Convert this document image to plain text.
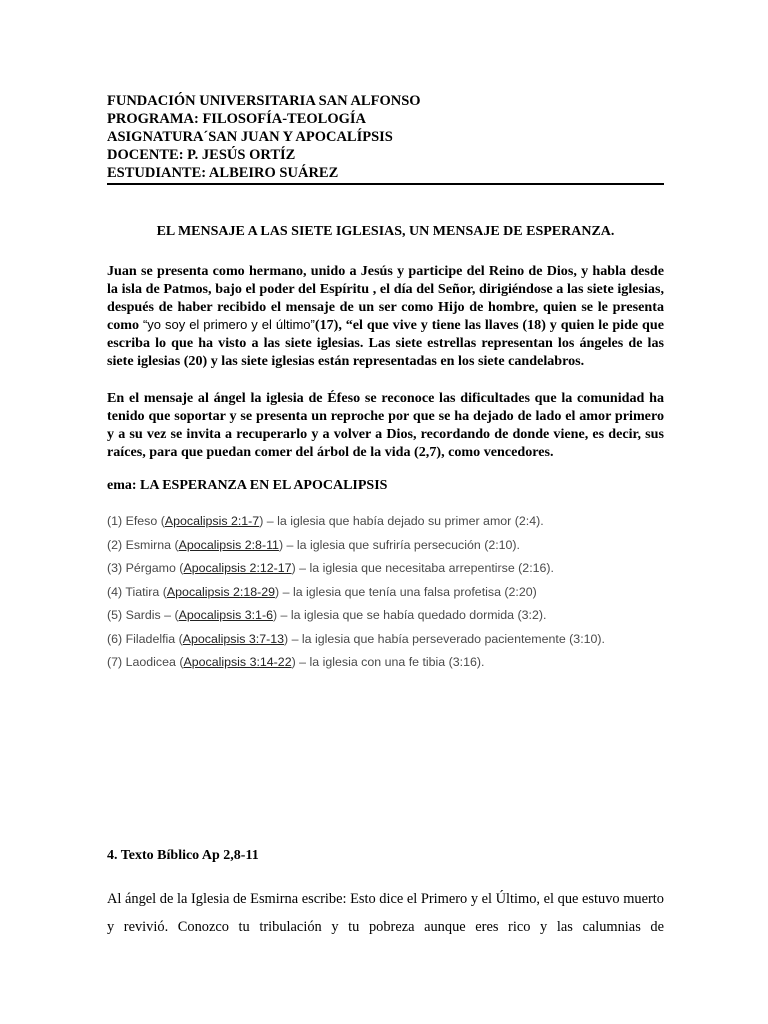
FUNDACIÓN UNIVERSITARIA SAN ALFONSO
PROGRAMA: FILOSOFÍA-TEOLOGÍA
ASIGNATURA´SAN JUAN Y APOCALÍPSIS
DOCENTE: P. JESÚS ORTÍZ
ESTUDIANTE: ALBEIRO SUÁREZ
EL MENSAJE A LAS SIETE IGLESIAS, UN MENSAJE DE ESPERANZA.

Juan se presenta como hermano, unido a Jesús y participe del Reino de Dios, y habla desde la isla de Patmos, bajo el poder del Espíritu , el día del Señor, dirigiéndose a las siete iglesias, después de haber recibido el mensaje de un ser como Hijo de hombre, quien se le presenta como “yo soy el primero y el último”(17), “el que vive y tiene las llaves (18) y quien le pide que escriba lo que ha visto a las siete iglesias. Las siete estrellas representan los ángeles de las siete iglesias (20) y las siete iglesias están representadas en los siete candelabros.

En el mensaje al ángel la iglesia de Éfeso se reconoce las dificultades que la comunidad ha tenido que soportar y se presenta un reproche por que se ha dejado de lado el amor primero y a su vez se invita a recuperarlo y a volver a Dios, recordando de donde viene, es decir, sus raíces, para que puedan comer del árbol de la vida (2,7), como vencedores.

ema: LA ESPERANZA EN EL APOCALIPSIS
(1) Efeso (Apocalipsis 2:1-7) – la iglesia que había dejado su primer amor (2:4).
(2) Esmirna (Apocalipsis 2:8-11) – la iglesia que sufriría persecución (2:10).
(3) Pérgamo (Apocalipsis 2:12-17) – la iglesia que necesitaba arrepentirse (2:16).
(4) Tiatira (Apocalipsis 2:18-29) – la iglesia que tenía una falsa profetisa (2:20)
(5) Sardis – (Apocalipsis 3:1-6) – la iglesia que se había quedado dormida (3:2).
(6) Filadelfia (Apocalipsis 3:7-13) – la iglesia que había perseverado pacientemente (3:10).
(7) Laodicea (Apocalipsis 3:14-22) – la iglesia con una fe tibia (3:16).
4. Texto Bíblico Ap 2,8-11
Al ángel de la Iglesia de Esmirna escribe: Esto dice el Primero y el Último, el que estuvo muerto y revivió. Conozco tu tribulación y tu pobreza aunque eres rico y las calumnias de
